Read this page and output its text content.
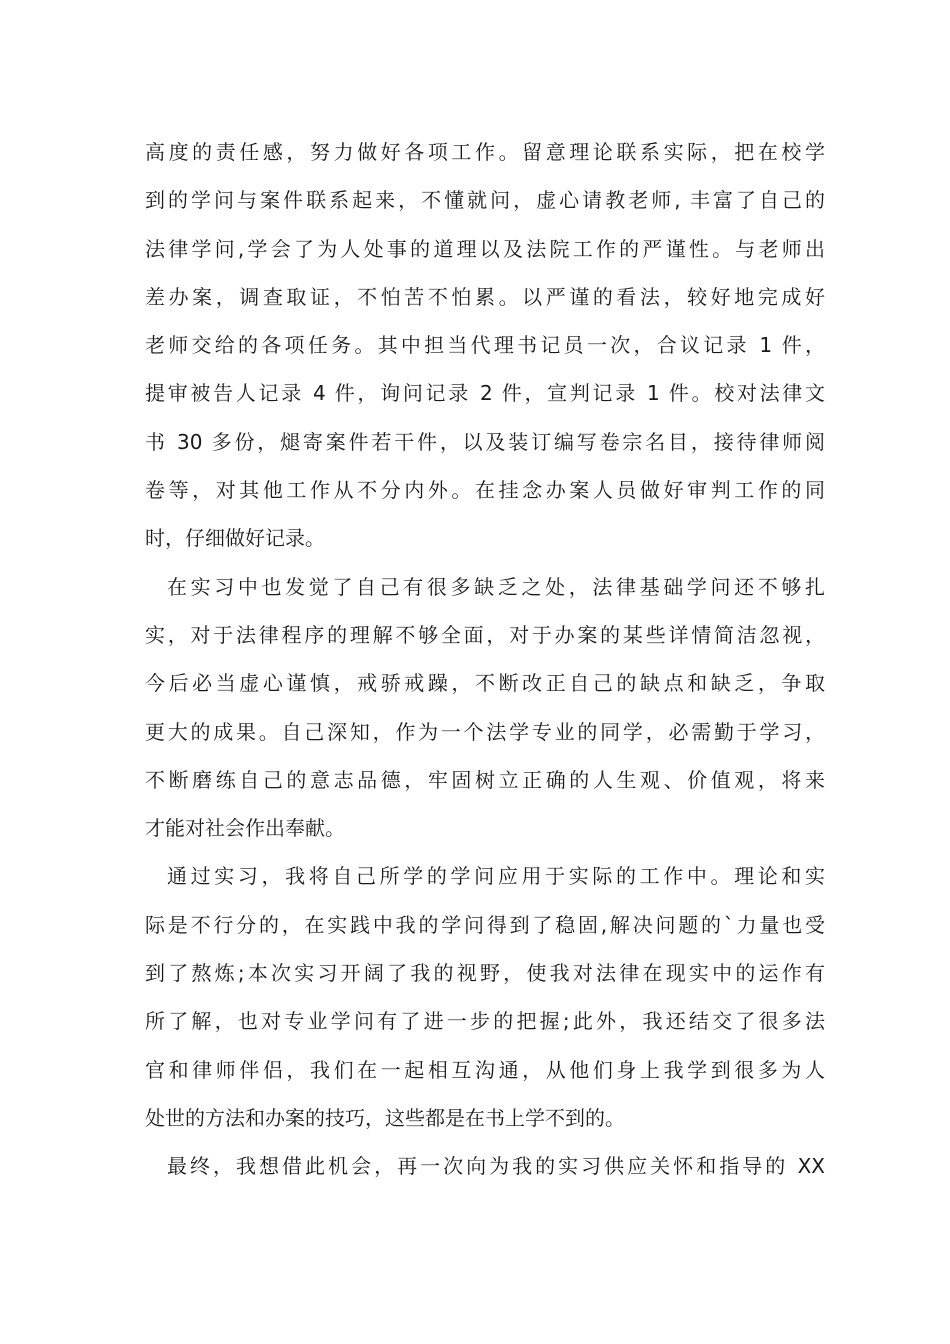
高度的责任感，努力做好各项工作。留意理论联系实际，把在校学
到的学问与案件联系起来，不懂就问，虚心请教老师, 丰富了自己的
法律学问,学会了为人处事的道理以及法院工作的严谨性。与老师出
差办案，调查取证，不怕苦不怕累。以严谨的看法，较好地完成好
老师交给的各项任务。其中担当代理书记员一次，合议记录 1 件，
提审被告人记录 4 件，询问记录 2 件，宣判记录 1 件。校对法律文
书 30 多份，煺寄案件若干件，以及装订编写卷宗名目，接待律师阅
卷等，对其他工作从不分内外。在挂念办案人员做好审判工作的同
时，仔细做好记录。
在实习中也发觉了自己有很多缺乏之处，法律基础学问还不够扎
实，对于法律程序的理解不够全面，对于办案的某些详情简洁忽视，
今后必当虚心谨慎，戒骄戒躁，不断改正自己的缺点和缺乏，争取
更大的成果。自己深知，作为一个法学专业的同学，必需勤于学习，
不断磨练自己的意志品德，牢固树立正确的人生观、价值观，将来
才能对社会作出奉献。
通过实习，我将自己所学的学问应用于实际的工作中。理论和实
际是不行分的，在实践中我的学问得到了稳固,解决问题的`力量也受
到了熬炼;本次实习开阔了我的视野，使我对法律在现实中的运作有
所了解，也对专业学问有了进一步的把握;此外，我还结交了很多法
官和律师伴侣，我们在一起相互沟通，从他们身上我学到很多为人
处世的方法和办案的技巧，这些都是在书上学不到的。
最终，我想借此机会，再一次向为我的实习供应关怀和指导的 XX
